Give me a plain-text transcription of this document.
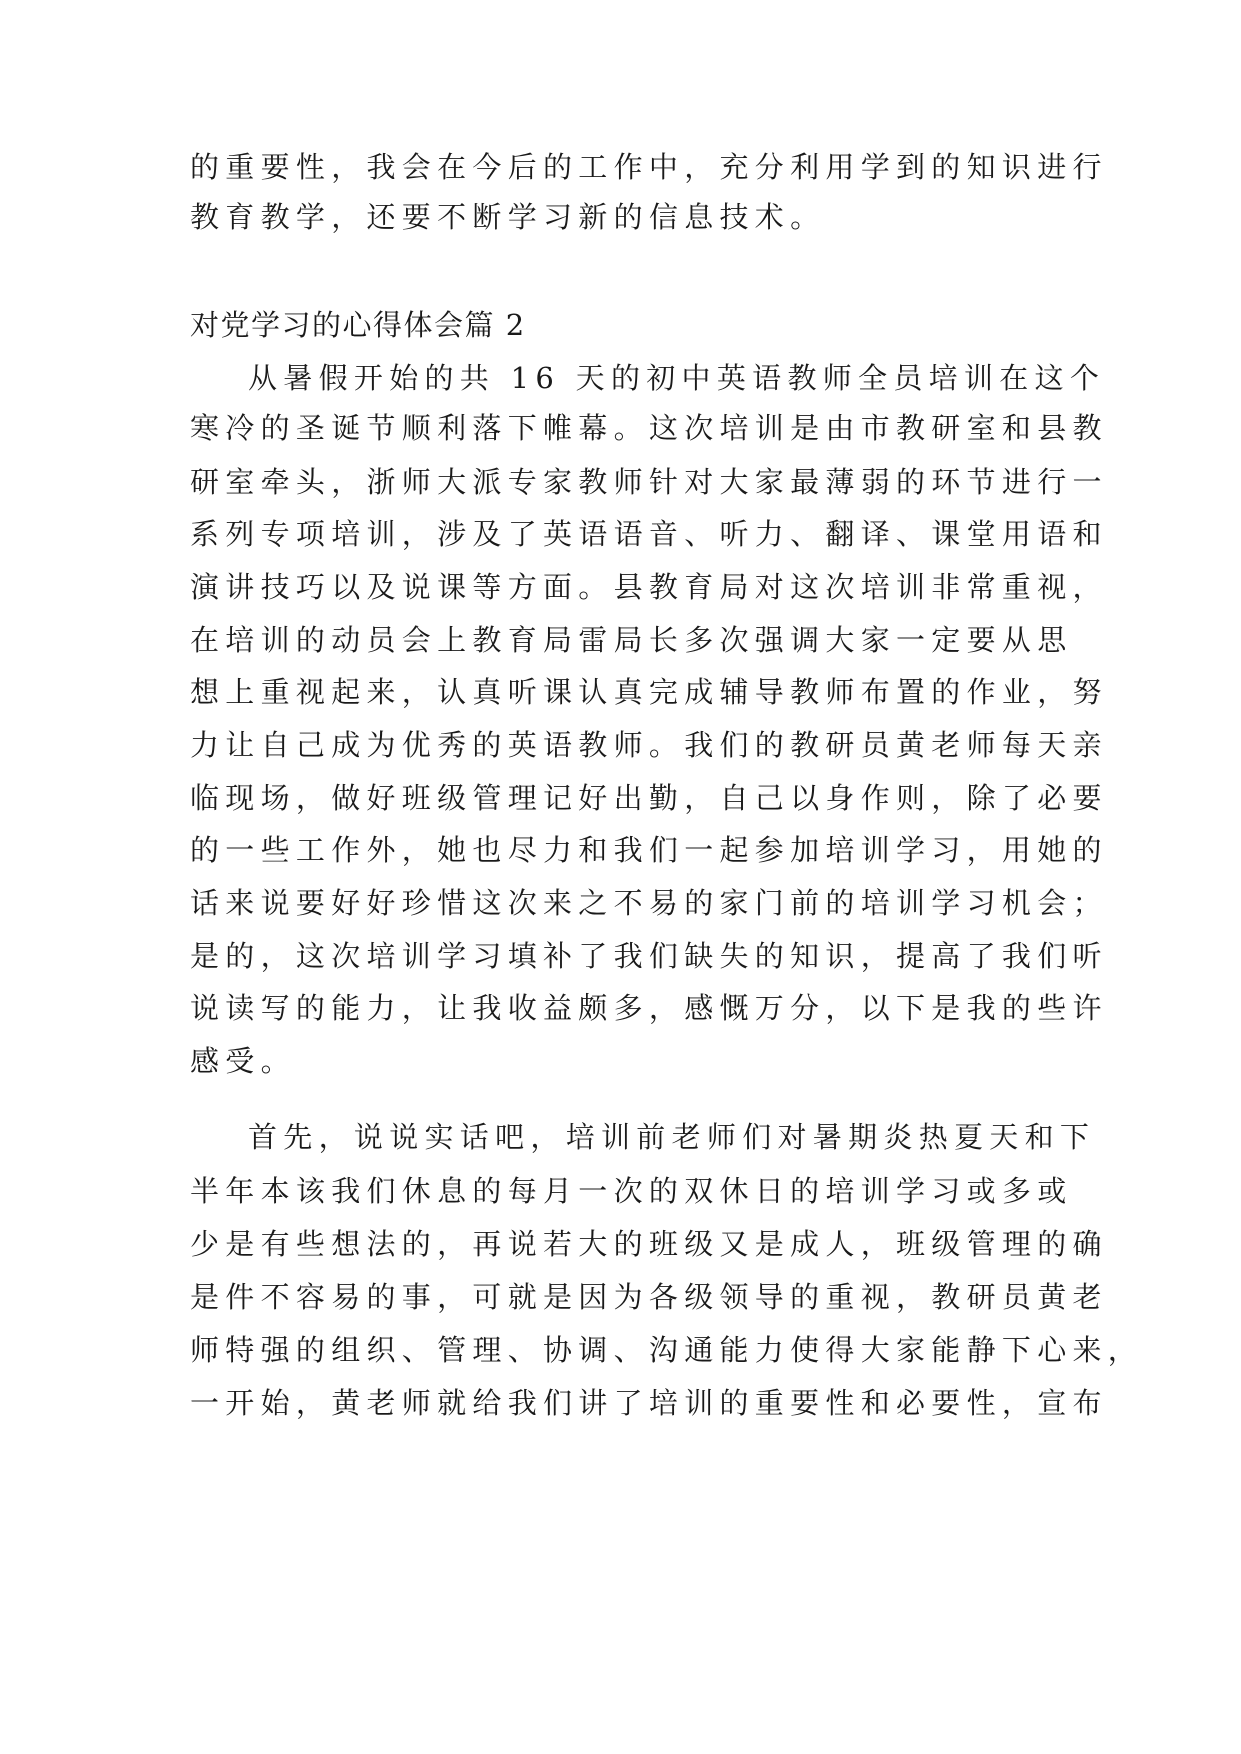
的重要性，我会在今后的工作中，充分利用学到的知识进行
教育教学，还要不断学习新的信息技术。
对党学习的心得体会篇 2
从暑假开始的共 16 天的初中英语教师全员培训在这个
寒冷的圣诞节顺利落下帷幕。这次培训是由市教研室和县教
研室牵头，浙师大派专家教师针对大家最薄弱的环节进行一
系列专项培训，涉及了英语语音、听力、翻译、课堂用语和
演讲技巧以及说课等方面。县教育局对这次培训非常重视，
在培训的动员会上教育局雷局长多次强调大家一定要从思
想上重视起来，认真听课认真完成辅导教师布置的作业，努
力让自己成为优秀的英语教师。我们的教研员黄老师每天亲
临现场，做好班级管理记好出勤，自己以身作则，除了必要
的一些工作外，她也尽力和我们一起参加培训学习，用她的
话来说要好好珍惜这次来之不易的家门前的培训学习机会；
是的，这次培训学习填补了我们缺失的知识，提高了我们听
说读写的能力，让我收益颇多，感慨万分，以下是我的些许
感受。
首先，说说实话吧，培训前老师们对暑期炎热夏天和下
半年本该我们休息的每月一次的双休日的培训学习或多或
少是有些想法的，再说若大的班级又是成人，班级管理的确
是件不容易的事，可就是因为各级领导的重视，教研员黄老
师特强的组织、管理、协调、沟通能力使得大家能静下心来，
一开始，黄老师就给我们讲了培训的重要性和必要性，宣布
